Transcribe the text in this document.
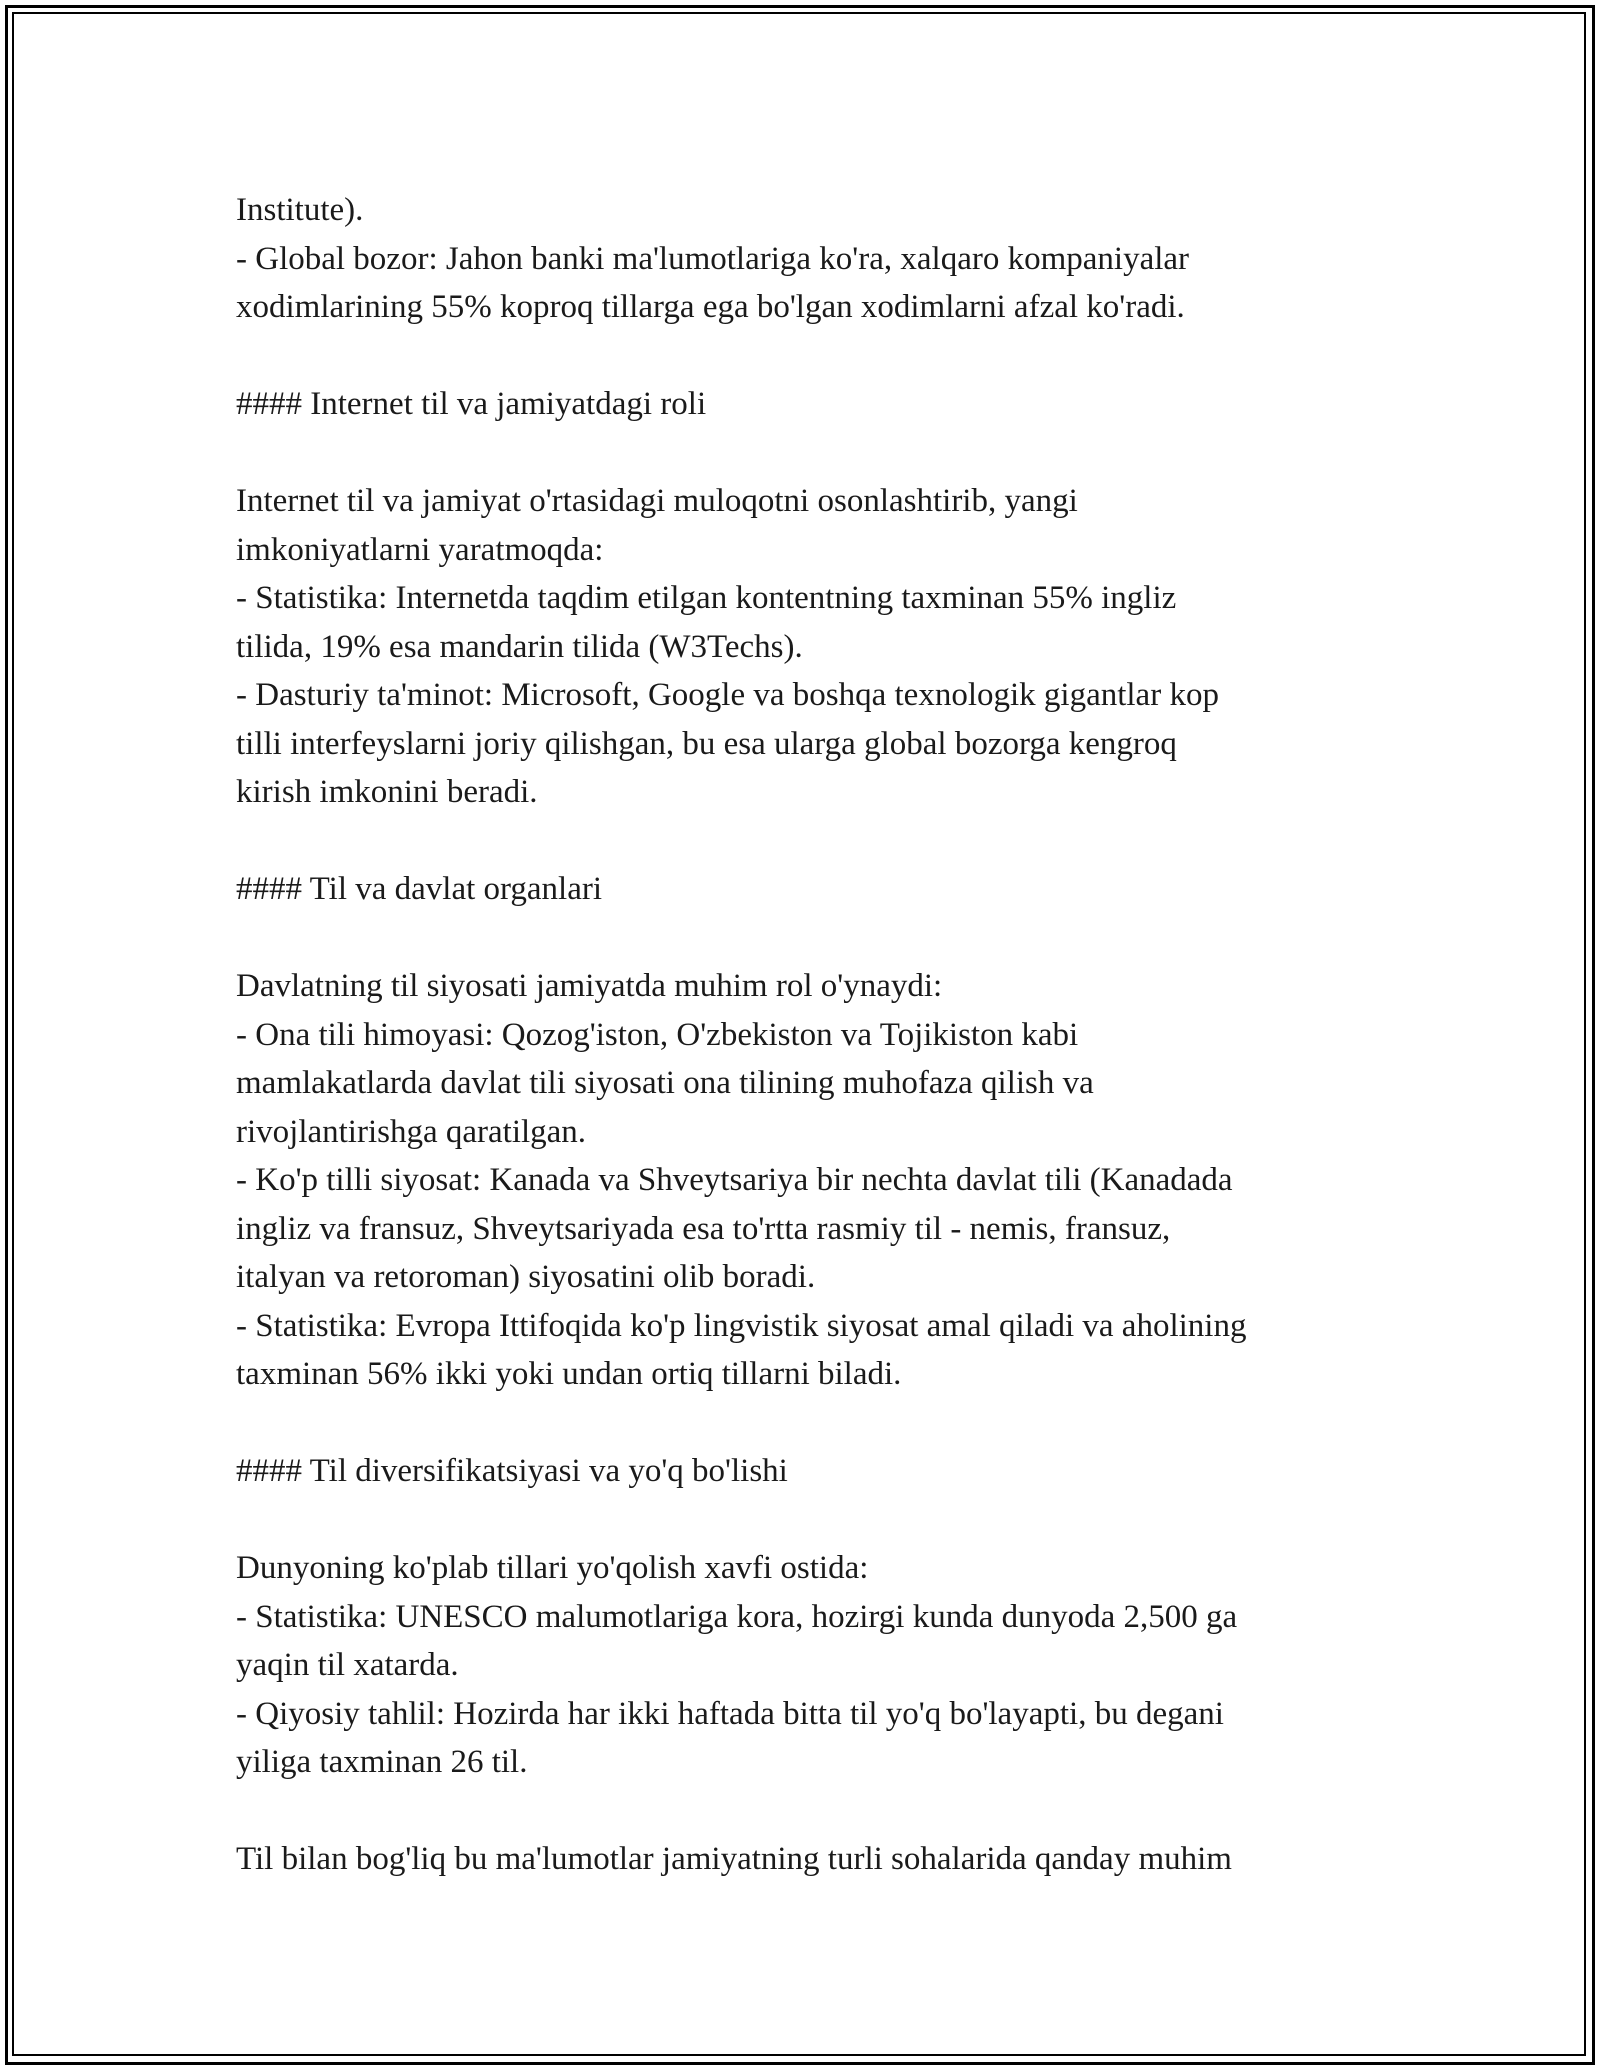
Institute).
- Global bozor: Jahon banki ma'lumotlariga ko'ra, xalqaro kompaniyalar
xodimlarining 55% koproq tillarga ega bo'lgan xodimlarni afzal ko'radi.
#### Internet til va jamiyatdagi roli
Internet til va jamiyat o'rtasidagi muloqotni osonlashtirib, yangi
imkoniyatlarni yaratmoqda:
- Statistika: Internetda taqdim etilgan kontentning taxminan 55% ingliz
tilida, 19% esa mandarin tilida (W3Techs).
- Dasturiy ta'minot: Microsoft, Google va boshqa texnologik gigantlar kop
tilli interfeyslarni joriy qilishgan, bu esa ularga global bozorga kengroq
kirish imkonini beradi.
#### Til va davlat organlari
Davlatning til siyosati jamiyatda muhim rol o'ynaydi:
- Ona tili himoyasi: Qozog'iston, O'zbekiston va Tojikiston kabi
mamlakatlarda davlat tili siyosati ona tilining muhofaza qilish va
rivojlantirishga qaratilgan.
- Ko'p tilli siyosat: Kanada va Shveytsariya bir nechta davlat tili (Kanadada
ingliz va fransuz, Shveytsariyada esa to'rtta rasmiy til - nemis, fransuz,
italyan va retoroman) siyosatini olib boradi.
- Statistika: Evropa Ittifoqida ko'p lingvistik siyosat amal qiladi va aholining
taxminan 56% ikki yoki undan ortiq tillarni biladi.
#### Til diversifikatsiyasi va yo'q bo'lishi
Dunyoning ko'plab tillari yo'qolish xavfi ostida:
- Statistika: UNESCO malumotlariga kora, hozirgi kunda dunyoda 2,500 ga
yaqin til xatarda.
- Qiyosiy tahlil: Hozirda har ikki haftada bitta til yo'q bo'layapti, bu degani
yiliga taxminan 26 til.
Til bilan bog'liq bu ma'lumotlar jamiyatning turli sohalarida qanday muhim
